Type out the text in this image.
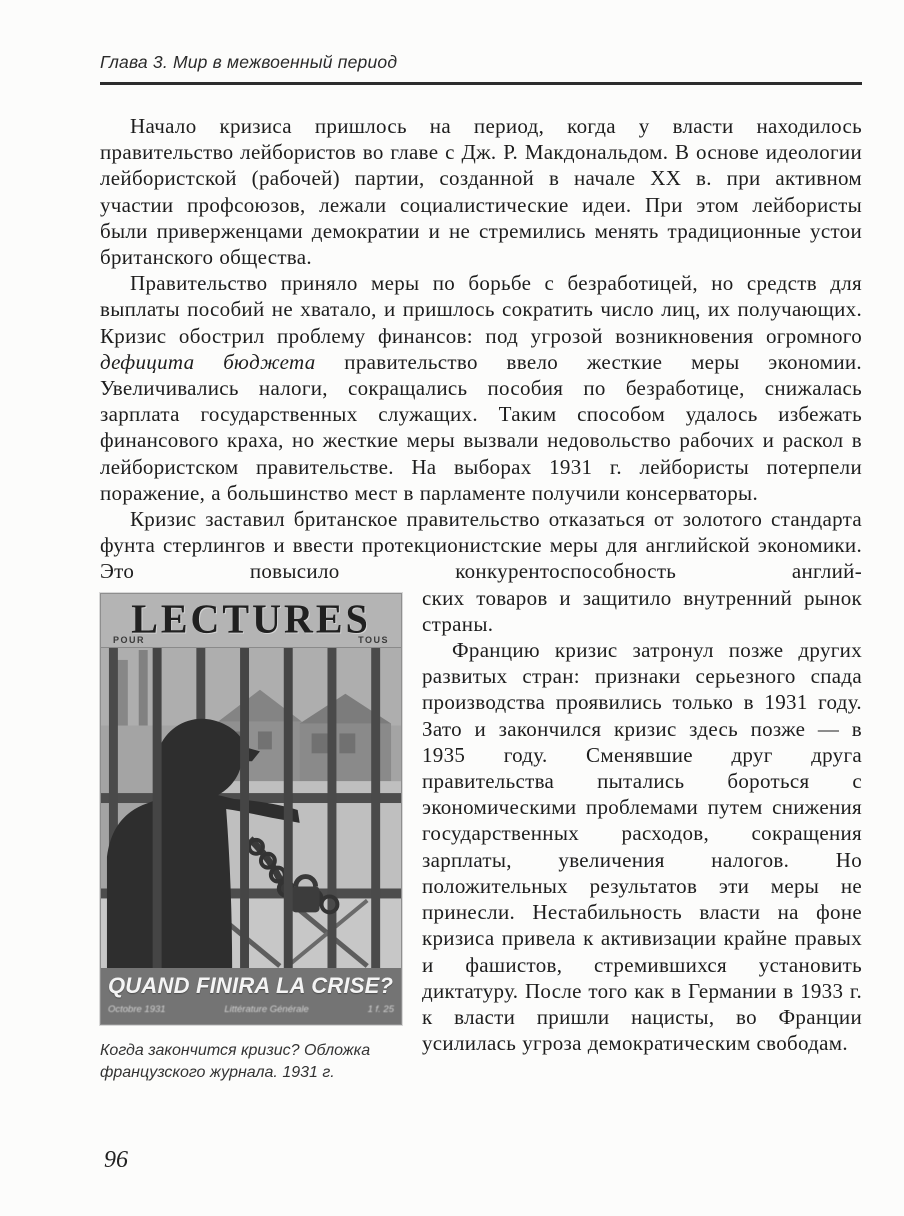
Глава 3. Мир в межвоенный период

Начало кризиса пришлось на период, когда у власти находилось правительство лейбористов во главе с Дж. Р. Макдональдом. В основе идеологии лейбористской (рабочей) партии, созданной в начале XX в. при активном участии профсоюзов, лежали социалистические идеи. При этом лейбористы были приверженцами демократии и не стремились менять традиционные устои британского общества.

Правительство приняло меры по борьбе с безработицей, но средств для выплаты пособий не хватало, и пришлось сократить число лиц, их получающих. Кризис обострил проблему финансов: под угрозой возникновения огромного дефицита бюджета правительство ввело жесткие меры экономии. Увеличивались налоги, сокращались пособия по безработице, снижалась зарплата государственных служащих. Таким способом удалось избежать финансового краха, но жесткие меры вызвали недовольство рабочих и раскол в лейбористском правительстве. На выборах 1931 г. лейбористы потерпели поражение, а большинство мест в парламенте получили консерваторы.

Кризис заставил британское правительство отказаться от золотого стандарта фунта стерлингов и ввести протекционистские меры для английской экономики. Это повысило конкурентоспособность англий-

LECTURES
POUR	TOUS
QUAND FINIRA LA CRISE?
Octobre 1931	Littérature Générale	1 f. 25
Когда закончится кризис? Обложка французского журнала. 1931 г.

ских товаров и защитило внутренний рынок страны.

Францию кризис затронул позже других развитых стран: признаки серьезного спада производства проявились только в 1931 году. Зато и закончился кризис здесь позже — в 1935 году. Сменявшие друг друга правительства пытались бороться с экономическими проблемами путем снижения государственных расходов, сокращения зарплаты, увеличения налогов. Но положительных результатов эти меры не принесли. Нестабильность власти на фоне кризиса привела к активизации крайне правых и фашистов, стремившихся установить диктатуру. После того как в Германии в 1933 г. к власти пришли нацисты, во Франции усилилась угроза демократическим свободам.

96
